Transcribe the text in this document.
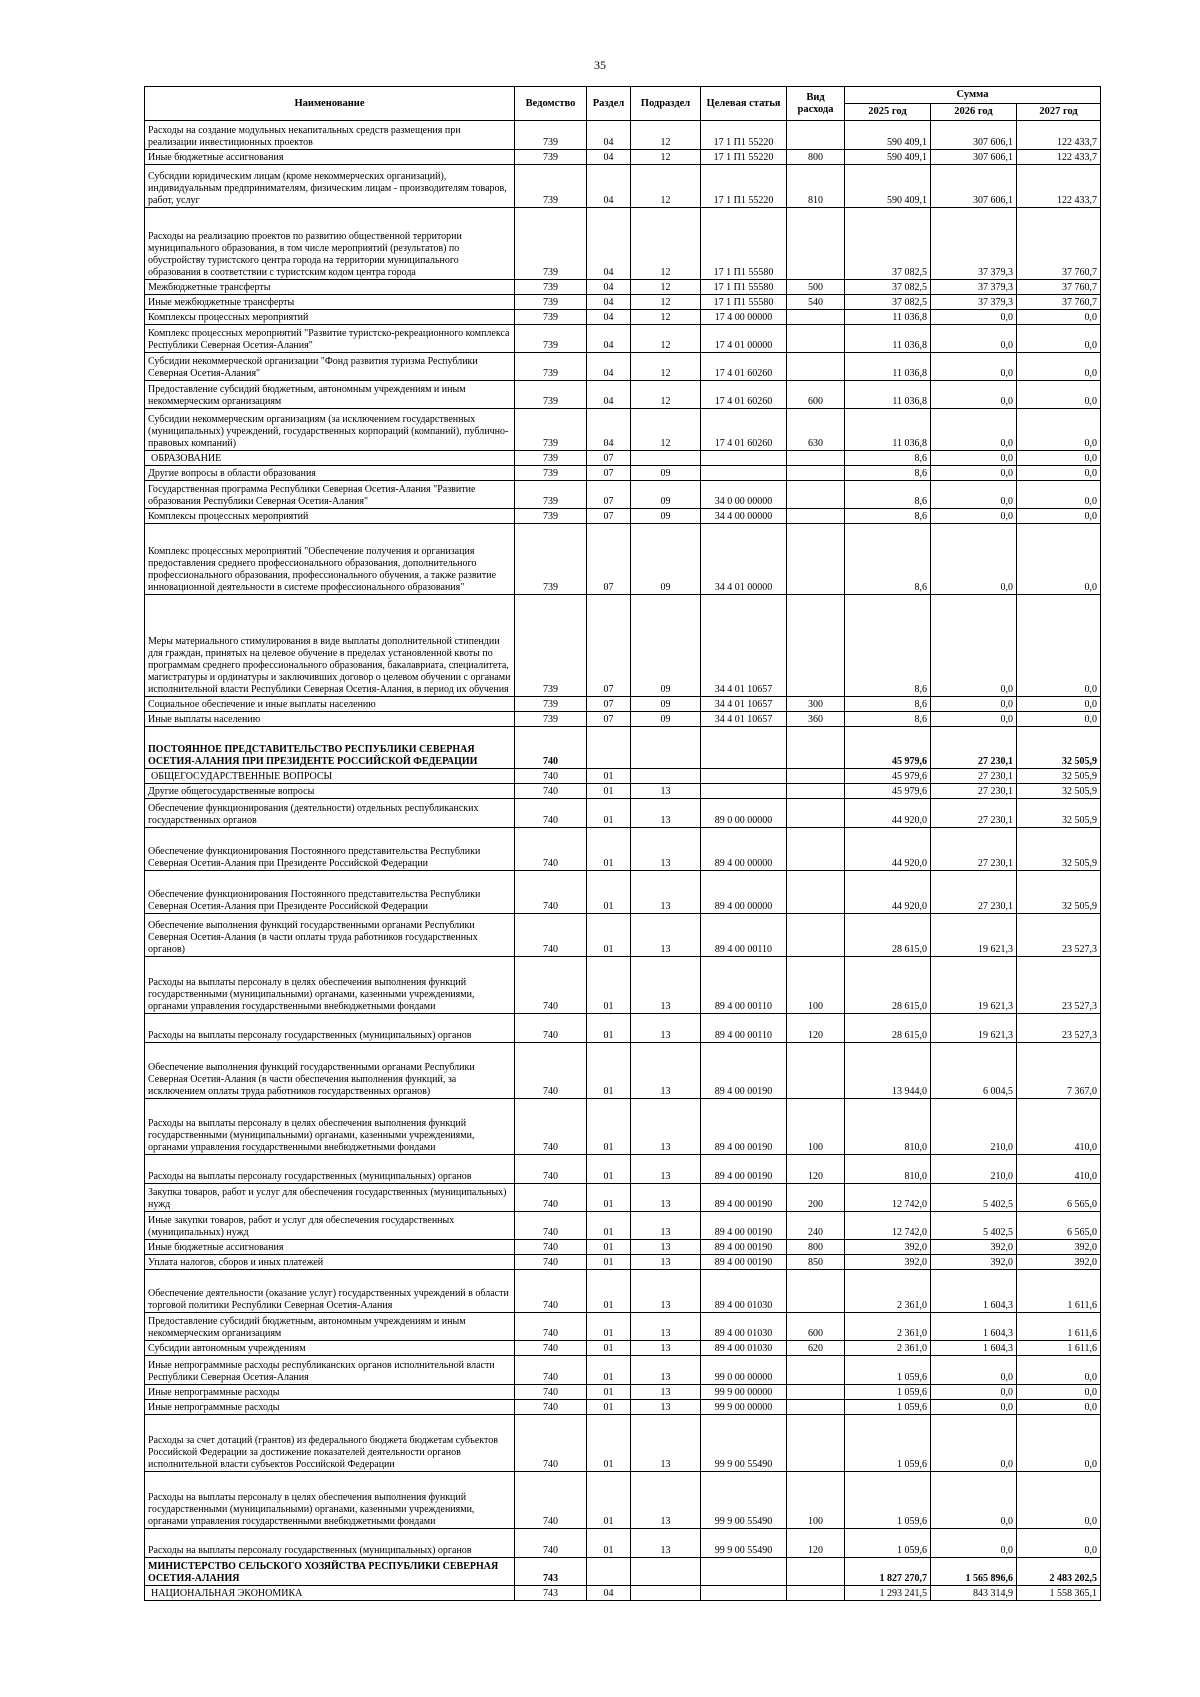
35
Наименование	Ведомство	Раздел	Подраздел	Целевая статья	Вид расхода	Сумма		
						2025 год	2026 год	2027 год
Расходы на создание модульных некапитальных средств размещения при реализации инвестиционных проектов	739	04	12	17 1 П1 55220		590 409,1	307 606,1	122 433,7
Иные бюджетные ассигнования	739	04	12	17 1 П1 55220	800	590 409,1	307 606,1	122 433,7
Субсидии юридическим лицам (кроме некоммерческих организаций), индивидуальным предпринимателям, физическим лицам - производителям товаров, работ, услуг	739	04	12	17 1 П1 55220	810	590 409,1	307 606,1	122 433,7
Расходы на реализацию проектов по развитию общественной территории муниципального образования, в том числе мероприятий (результатов) по обустройству туристского центра города на территории муниципального образования в соответствии с туристским кодом центра города	739	04	12	17 1 П1 55580		37 082,5	37 379,3	37 760,7
Межбюджетные трансферты	739	04	12	17 1 П1 55580	500	37 082,5	37 379,3	37 760,7
Иные межбюджетные трансферты	739	04	12	17 1 П1 55580	540	37 082,5	37 379,3	37 760,7
Комплексы процессных мероприятий	739	04	12	17 4 00 00000		11 036,8	0,0	0,0
Комплекс процессных мероприятий "Развитие туристско-рекреационного комплекса Республики Северная Осетия-Алания"	739	04	12	17 4 01 00000		11 036,8	0,0	0,0
Субсидии некоммерческой организации "Фонд развития туризма Республики Северная Осетия-Алания"	739	04	12	17 4 01 60260		11 036,8	0,0	0,0
Предоставление субсидий бюджетным, автономным учреждениям и иным некоммерческим организациям	739	04	12	17 4 01 60260	600	11 036,8	0,0	0,0
Субсидии некоммерческим организациям (за исключением государственных (муниципальных) учреждений, государственных корпораций (компаний), публично-правовых компаний)	739	04	12	17 4 01 60260	630	11 036,8	0,0	0,0
ОБРАЗОВАНИЕ	739	07				8,6	0,0	0,0
Другие вопросы в области образования	739	07	09			8,6	0,0	0,0
Государственная программа Республики Северная Осетия-Алания "Развитие образования Республики Северная Осетия-Алания"	739	07	09	34 0 00 00000		8,6	0,0	0,0
Комплексы процессных мероприятий	739	07	09	34 4 00 00000		8,6	0,0	0,0
Комплекс процессных мероприятий "Обеспечение получения и организация предоставления среднего профессионального образования, дополнительного профессионального образования, профессионального обучения, а также развитие инновационной деятельности в системе профессионального образования"	739	07	09	34 4 01 00000		8,6	0,0	0,0
Меры материального стимулирования в виде выплаты дополнительной стипендии для граждан, принятых на целевое обучение в пределах установленной квоты по программам среднего профессионального образования, бакалавриата, специалитета, магистратуры и ординатуры и заключивших договор о целевом обучении с органами исполнительной власти Республики Северная Осетия-Алания, в период их обучения	739	07	09	34 4 01 10657		8,6	0,0	0,0
Социальное обеспечение и иные выплаты населению	739	07	09	34 4 01 10657	300	8,6	0,0	0,0
Иные выплаты населению	739	07	09	34 4 01 10657	360	8,6	0,0	0,0
ПОСТОЯННОЕ ПРЕДСТАВИТЕЛЬСТВО РЕСПУБЛИКИ СЕВЕРНАЯ ОСЕТИЯ-АЛАНИЯ ПРИ ПРЕЗИДЕНТЕ РОССИЙСКОЙ ФЕДЕРАЦИИ	740					45 979,6	27 230,1	32 505,9
ОБЩЕГОСУДАРСТВЕННЫЕ ВОПРОСЫ	740	01				45 979,6	27 230,1	32 505,9
Другие общегосударственные вопросы	740	01	13			45 979,6	27 230,1	32 505,9
Обеспечение функционирования (деятельности) отдельных республиканских государственных органов	740	01	13	89 0 00 00000		44 920,0	27 230,1	32 505,9
Обеспечение функционирования Постоянного представительства Республики Северная Осетия-Алания при Президенте Российской Федерации	740	01	13	89 4 00 00000		44 920,0	27 230,1	32 505,9
Обеспечение функционирования Постоянного представительства Республики Северная Осетия-Алания при Президенте Российской Федерации	740	01	13	89 4 00 00000		44 920,0	27 230,1	32 505,9
Обеспечение выполнения функций государственными органами Республики Северная Осетия-Алания (в части оплаты труда работников государственных органов)	740	01	13	89 4 00 00110		28 615,0	19 621,3	23 527,3
Расходы на выплаты персоналу в целях обеспечения выполнения функций государственными (муниципальными) органами, казенными учреждениями, органами управления государственными внебюджетными фондами	740	01	13	89 4 00 00110	100	28 615,0	19 621,3	23 527,3
Расходы на выплаты персоналу государственных (муниципальных) органов	740	01	13	89 4 00 00110	120	28 615,0	19 621,3	23 527,3
Обеспечение выполнения функций государственными органами Республики Северная Осетия-Алания (в части обеспечения выполнения функций, за исключением оплаты труда работников государственных органов)	740	01	13	89 4 00 00190		13 944,0	6 004,5	7 367,0
Расходы на выплаты персоналу в целях обеспечения выполнения функций государственными (муниципальными) органами, казенными учреждениями, органами управления государственными внебюджетными фондами	740	01	13	89 4 00 00190	100	810,0	210,0	410,0
Расходы на выплаты персоналу государственных (муниципальных) органов	740	01	13	89 4 00 00190	120	810,0	210,0	410,0
Закупка товаров, работ и услуг для обеспечения государственных (муниципальных) нужд	740	01	13	89 4 00 00190	200	12 742,0	5 402,5	6 565,0
Иные закупки товаров, работ и услуг для обеспечения государственных (муниципальных) нужд	740	01	13	89 4 00 00190	240	12 742,0	5 402,5	6 565,0
Иные бюджетные ассигнования	740	01	13	89 4 00 00190	800	392,0	392,0	392,0
Уплата налогов, сборов и иных платежей	740	01	13	89 4 00 00190	850	392,0	392,0	392,0
Обеспечение деятельности (оказание услуг) государственных учреждений в области торговой политики Республики Северная Осетия-Алания	740	01	13	89 4 00 01030		2 361,0	1 604,3	1 611,6
Предоставление субсидий бюджетным, автономным учреждениям и иным некоммерческим организациям	740	01	13	89 4 00 01030	600	2 361,0	1 604,3	1 611,6
Субсидии автономным учреждениям	740	01	13	89 4 00 01030	620	2 361,0	1 604,3	1 611,6
Иные непрограммные расходы республиканских органов исполнительной власти Республики Северная Осетия-Алания	740	01	13	99 0 00 00000		1 059,6	0,0	0,0
Иные непрограммные расходы	740	01	13	99 9 00 00000		1 059,6	0,0	0,0
Иные непрограммные расходы	740	01	13	99 9 00 00000		1 059,6	0,0	0,0
Расходы за счет дотаций (грантов) из федерального бюджета бюджетам субъектов Российской Федерации за достижение показателей деятельности органов исполнительной власти субъектов Российской Федерации	740	01	13	99 9 00 55490		1 059,6	0,0	0,0
Расходы на выплаты персоналу в целях обеспечения выполнения функций государственными (муниципальными) органами, казенными учреждениями, органами управления государственными внебюджетными фондами	740	01	13	99 9 00 55490	100	1 059,6	0,0	0,0
Расходы на выплаты персоналу государственных (муниципальных) органов	740	01	13	99 9 00 55490	120	1 059,6	0,0	0,0
МИНИСТЕРСТВО СЕЛЬСКОГО ХОЗЯЙСТВА РЕСПУБЛИКИ СЕВЕРНАЯ ОСЕТИЯ-АЛАНИЯ	743					1 827 270,7	1 565 896,6	2 483 202,5
НАЦИОНАЛЬНАЯ ЭКОНОМИКА	743	04				1 293 241,5	843 314,9	1 558 365,1
